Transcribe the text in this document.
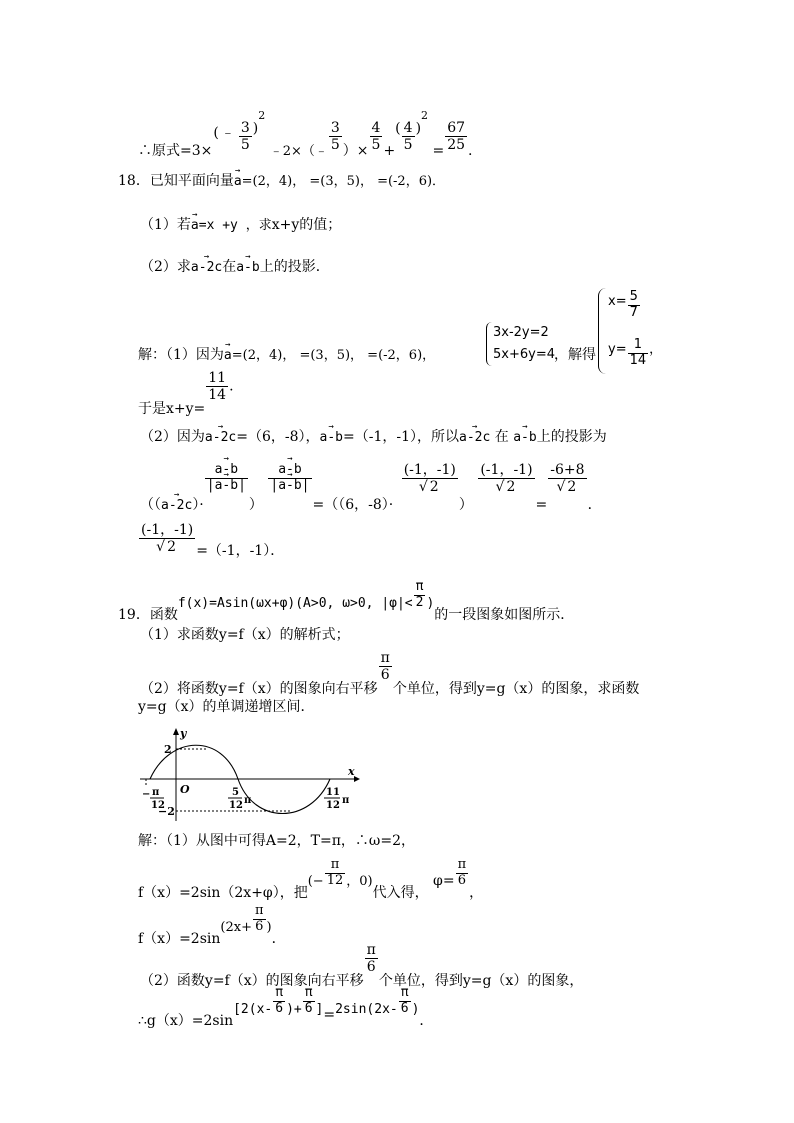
∴原式=3×( ﹣ $\frac{3}{5} )^2$ ﹣2×（﹣ $\frac{3}{5}$ ）× $\frac{4}{5}$ +( $\frac{4}{5} )^2 = \frac{67}{25}$ .
18．已知平面向量→ a=(2，4)， =(3，5)， =(-2，6)．
（1）若→ a=x +y ，求x+y的值；
（2）求→ a-2c在→ a-b上的投影．
解：（1）因为→ a=(2，4)， =(3，5)， =(-2，6)，
3x-2y=2
5x+6y=4 ，解得
$x= \frac{5}{7}$
$y= \frac{1}{14}$ ，
于是x+y=
$\frac{11}{14}$ .
（2）因为→ a-2c=（6，-8），→ a-b=（-1，-1），所以→ a-2c 在 → a-b上的投影为
（（→ a-2c）·
→ $\frac{a-b}{|\to a-b|}$
）
→ $\frac{a-b}{|\to a-b|}$
=（（6，-8）·
$\frac{(-1,-1)}{√ 2}$
）
$\frac{(-1,-1)}{√ 2}$
=
$\frac{-6+8}{√ 2}$
．
$\frac{(-1,-1)}{√ 2} =(-1$，-1）．
19．函数f(x)=Asin(ωx+φ)(A>0, ω>0, $|\varphi|< \frac{\pi}{2}$ )的一段图象如图所示．
（1）求函数y=f（x）的解析式；
（2）将函数y=f（x）的图象向右平移
$\frac{\pi}{6}$
个单位，得到y=g（x）的图象，求函数
y=g（x）的单调递增区间．
y
x
O
2
−2
− π
12
5
12 π
11
12 π
解：（1）从图中可得A=2，T=π，∴ω=2，
f（x）=2sin（2x+φ），把(− $\frac{\pi}{12}$ ，0)代入得， $\varphi= \frac{\pi}{6}$
，
$f(x)=2\sin(2x+ \frac{\pi}{6}$ )．
（2）函数y=f（x）的图象向右平移
$\frac{\pi}{6}$
个单位，得到y=g（x）的图象，
∴g（x）=2sin[2(x- $\frac{\pi}{6}$ )+ $\frac{\pi}{6} ]=2\sin(2x- \frac{\pi}{6}$ )．
